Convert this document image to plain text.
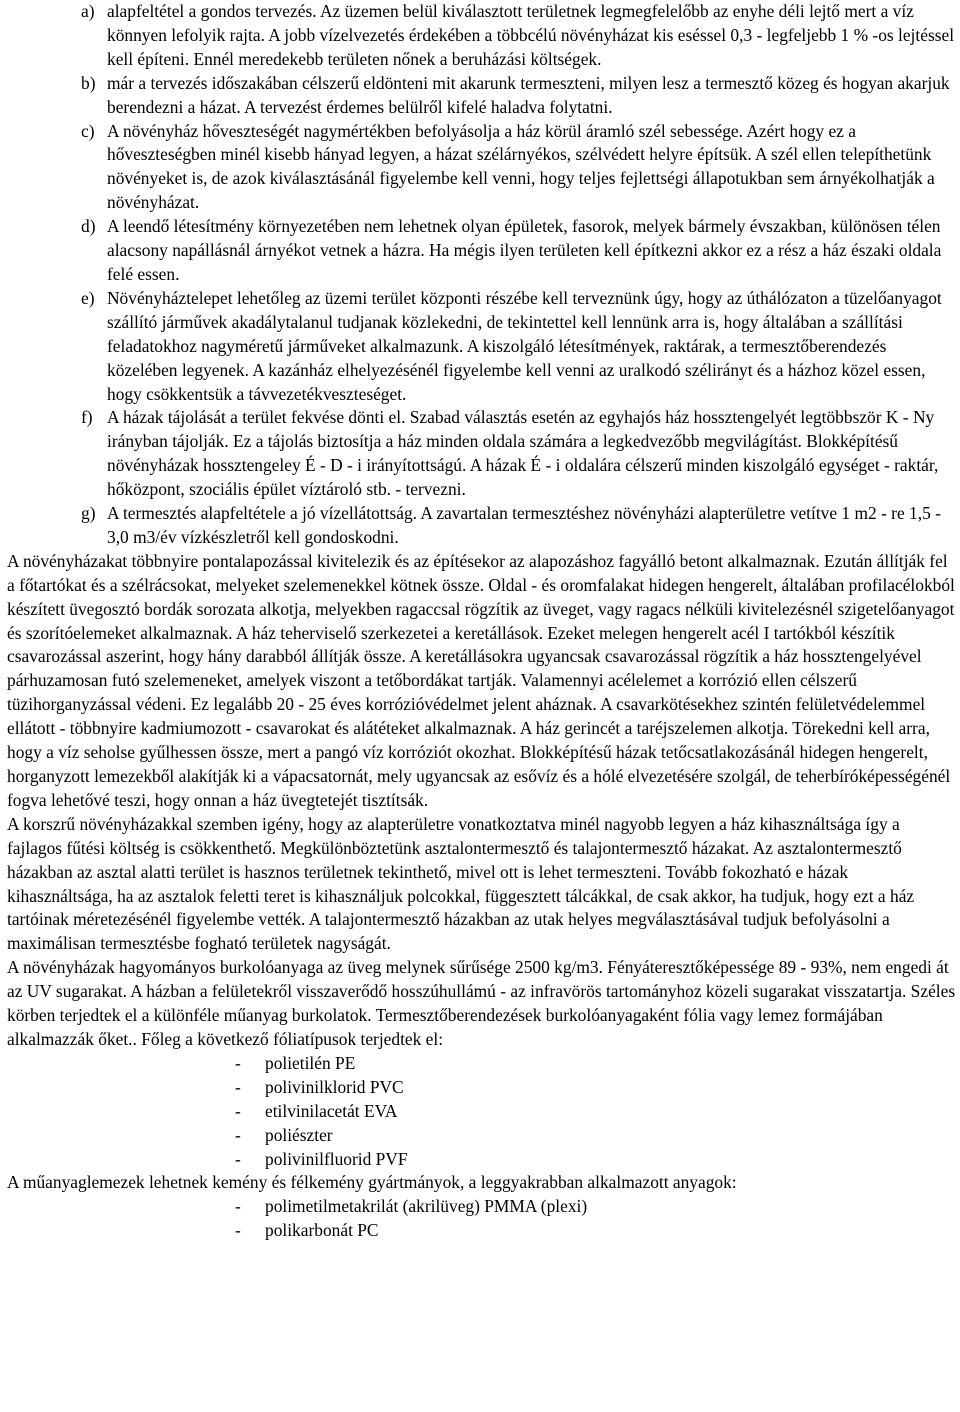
a) alapfeltétel a gondos tervezés. Az üzemen belül kiválasztott területnek legmegfelelőbb az enyhe déli lejtő mert a víz könnyen lefolyik rajta. A jobb vízelvezetés érdekében a többcélú növényházat kis eséssel 0,3 - legfeljebb 1 % -os lejtéssel kell építeni. Ennél meredekebb területen nőnek a beruházási költségek.
b) már a tervezés időszakában célszerű eldönteni mit akarunk termeszteni, milyen lesz a termesztő közeg és hogyan akarjuk berendezni a házat. A tervezést érdemes belülről kifelé haladva folytatni.
c) A növényház hőveszteségét nagymértékben befolyásolja a ház körül áramló szél sebessége. Azért hogy ez a hőveszteségben minél kisebb hányad legyen, a házat szélárnyékos, szélvédett helyre építsük. A szél ellen telepíthetünk növényeket is, de azok kiválasztásánál figyelembe kell venni, hogy teljes fejlettségi állapotukban sem árnyékolhatják a növényházat.
d) A leendő létesítmény környezetében nem lehetnek olyan épületek, fasorok, melyek bármely évszakban, különösen télen alacsony napállásnál árnyékot vetnek a házra. Ha mégis ilyen területen kell építkezni akkor ez a rész a ház északi oldala felé essen.
e) Növényháztelepet lehetőleg az üzemi terület központi részébe kell terveznünk úgy, hogy az úthálózaton a tüzelőanyagot szállító járművek akadálytalanul tudjanak közlekedni, de tekintettel kell lennünk arra is, hogy általában a szállítási feladatokhoz nagyméretű járműveket alkalmazunk. A kiszolgáló létesítmények, raktárak, a termesztőberendezés közelében legyenek. A kazánház elhelyezésénél figyelembe kell venni az uralkodó szélirányt és a házhoz közel essen, hogy csökkentsük a távvezetékveszteséget.
f) A házak tájolását a terület fekvése dönti el. Szabad választás esetén az egyhajós ház hossztengelyét legtöbbször K - Ny irányban tájolják. Ez a tájolás biztosítja a ház minden oldala számára a legkedvezőbb megvilágítást. Blokképítésű növényházak hossztengeley É - D - i irányítottságú. A házak É - i oldalára célszerű minden kiszolgáló egységet - raktár, hőközpont, szociális épület víztároló stb. - tervezni.
g) A termesztés alapfeltétele a jó vízellátottság. A zavartalan termesztéshez növényházi alapterületre vetítve 1 m2 - re 1,5 - 3,0 m3/év vízkészletről kell gondoskodni.

A növényházakat többnyire pontalapozással kivitelezik és az építésekor az alapozáshoz fagyálló betont alkalmaznak. Ezután állítják fel a főtartókat és a szélrácsokat, melyeket szelemenekkel kötnek össze. Oldal - és oromfalakat hidegen hengerelt, általában profilacélokból készített üvegosztó bordák sorozata alkotja, melyekben ragaccsal rögzítik az üveget, vagy ragacs nélküli kivitelezésnél szigetelőanyagot és szorítóelemeket alkalmaznak. A ház teherviselő szerkezetei a keretállások. Ezeket melegen hengerelt acél I tartókból készítik csavarozással aszerint, hogy hány darabból állítják össze. A keretállásokra ugyancsak csavarozással rögzítik a ház hossztengelyével párhuzamosan futó szelemeneket, amelyek viszont a tetőbordákat tartják. Valamennyi acélelemet a korrózió ellen célszerű tüzihorganyzással védeni. Ez legalább 20 - 25 éves korrózióvédelmet jelent aháznak. A csavarkötésekhez szintén felületvédelemmel ellátott - többnyire kadmiumozott - csavarokat és alátéteket alkalmaznak. A ház gerincét a taréjszelemen alkotja. Törekedni kell arra, hogy a víz seholse gyűlhessen össze, mert a pangó víz korróziót okozhat. Blokképítésű házak tetőcsatlakozásánál hidegen hengerelt, horganyzott lemezekből alakítják ki a vápacsatornát, mely ugyancsak az esővíz és a hólé elvezetésére szolgál, de teherbíróképességénél fogva lehetővé teszi, hogy onnan a ház üvegtetejét tisztítsák.

A korszrű növényházakkal szemben igény, hogy az alapterületre vonatkoztatva minél nagyobb legyen a ház kihasználtsága így a fajlagos fűtési költség is csökkenthető. Megkülönböztetünk asztalontermesztő és talajontermesztő házakat. Az asztalontermesztő házakban az asztal alatti terület is hasznos területnek tekinthető, mivel ott is lehet termeszteni. Tovább fokozható e házak kihasználtsága, ha az asztalok feletti teret is kihasználjuk polcokkal, függesztett tálcákkal, de csak akkor, ha tudjuk, hogy ezt a ház tartóinak méretezésénél figyelembe vették. A talajontermesztő házakban az utak helyes megválasztásával tudjuk befolyásolni a maximálisan termesztésbe fogható területek nagyságát.

A növényházak hagyományos burkolóanyaga az üveg melynek sűrűsége 2500 kg/m3. Fényáteresztőképessége 89 - 93%, nem engedi át az UV sugarakat. A házban a felületekről visszaverődő hosszúhullámú - az infravörös tartományhoz közeli sugarakat visszatartja. Széles körben terjedtek el a különféle műanyag burkolatok. Termesztőberendezések burkolóanyagaként fólia vagy lemez formájában alkalmazzák őket.. Főleg a következő fóliatípusok terjedtek el:

- polietilén PE
- polivinilklorid PVC
- etilvinilacetát EVA
- poliészter
- polivinilfluorid PVF

A műanyaglemezek lehetnek kemény és félkemény gyártmányok, a leggyakrabban alkalmazott anyagok:

- polimetilmetakrilát (akrilüveg) PMMA (plexi)
- polikarbonát PC
